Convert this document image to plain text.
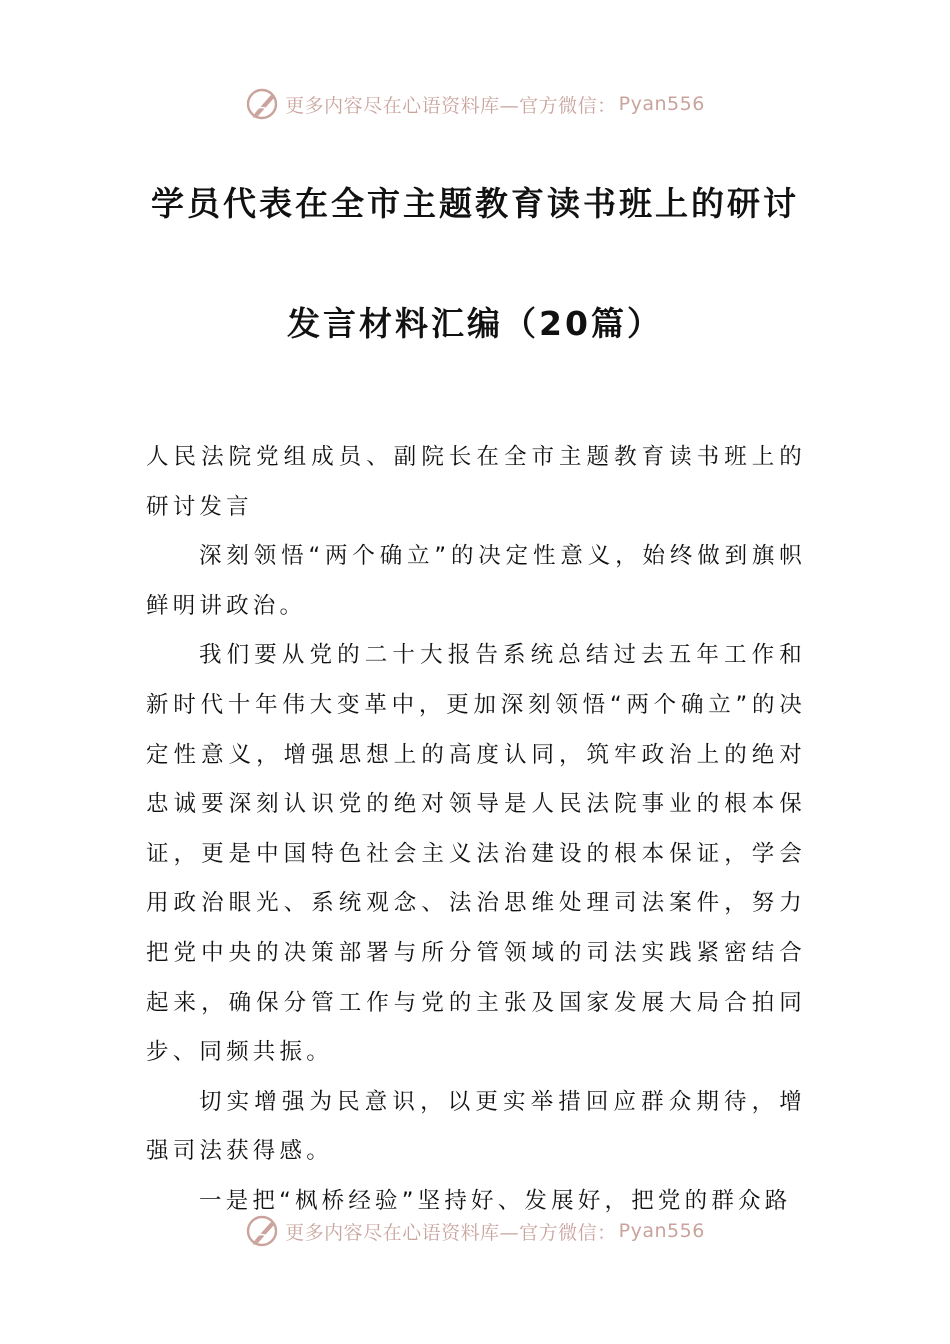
更多内容尽在心语资料库—官方微信： Pyan556
学员代表在全市主题教育读书班上的研讨
发言材料汇编（20篇）

人民法院党组成员、副院长在全市主题教育读书班上的研讨发言

深刻领悟“两个确立”的决定性意义，始终做到旗帜鲜明讲政治。

我们要从党的二十大报告系统总结过去五年工作和新时代十年伟大变革中，更加深刻领悟“两个确立”的决定性意义，增强思想上的高度认同，筑牢政治上的绝对忠诚要深刻认识党的绝对领导是人民法院事业的根本保证，更是中国特色社会主义法治建设的根本保证，学会用政治眼光、系统观念、法治思维处理司法案件，努力把党中央的决策部署与所分管领域的司法实践紧密结合起来，确保分管工作与党的主张及国家发展大局合拍同步、同频共振。

切实增强为民意识，以更实举措回应群众期待，增强司法获得感。

一是把“枫桥经验”坚持好、发展好，把党的群众路

更多内容尽在心语资料库—官方微信： Pyan556
